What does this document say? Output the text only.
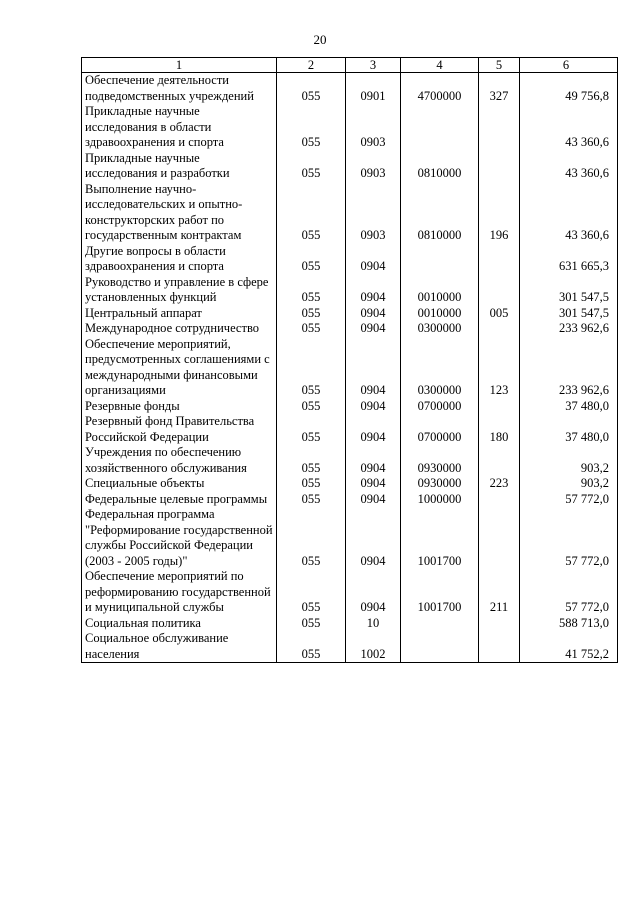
20
1	2	3	4	5	6
Обеспечение деятельности подведомственных учреждений	055	0901	4700000	327	49 756,8
Прикладные научные исследования в области здравоохранения и спорта	055	0903			43 360,6
Прикладные научные исследования и разработки	055	0903	0810000		43 360,6
Выполнение научно-исследовательских и опытно-конструкторских работ по государственным контрактам	055	0903	0810000	196	43 360,6
Другие вопросы в области здравоохранения и спорта	055	0904			631 665,3
Руководство и управление в сфере установленных функций	055	0904	0010000		301 547,5
Центральный аппарат	055	0904	0010000	005	301 547,5
Международное сотрудничество	055	0904	0300000		233 962,6
Обеспечение мероприятий, предусмотренных соглашениями с международными финансовыми организациями	055	0904	0300000	123	233 962,6
Резервные фонды	055	0904	0700000		37 480,0
Резервный фонд Правительства Российской Федерации	055	0904	0700000	180	37 480,0
Учреждения по обеспечению хозяйственного обслуживания	055	0904	0930000		903,2
Специальные объекты	055	0904	0930000	223	903,2
Федеральные целевые программы	055	0904	1000000		57 772,0
Федеральная программа "Реформирование государственной службы Российской Федерации (2003 - 2005 годы)"	055	0904	1001700		57 772,0
Обеспечение мероприятий по реформированию государственной и муниципальной службы	055	0904	1001700	211	57 772,0
Социальная политика	055	10			588 713,0
Социальное обслуживание населения	055	1002			41 752,2
